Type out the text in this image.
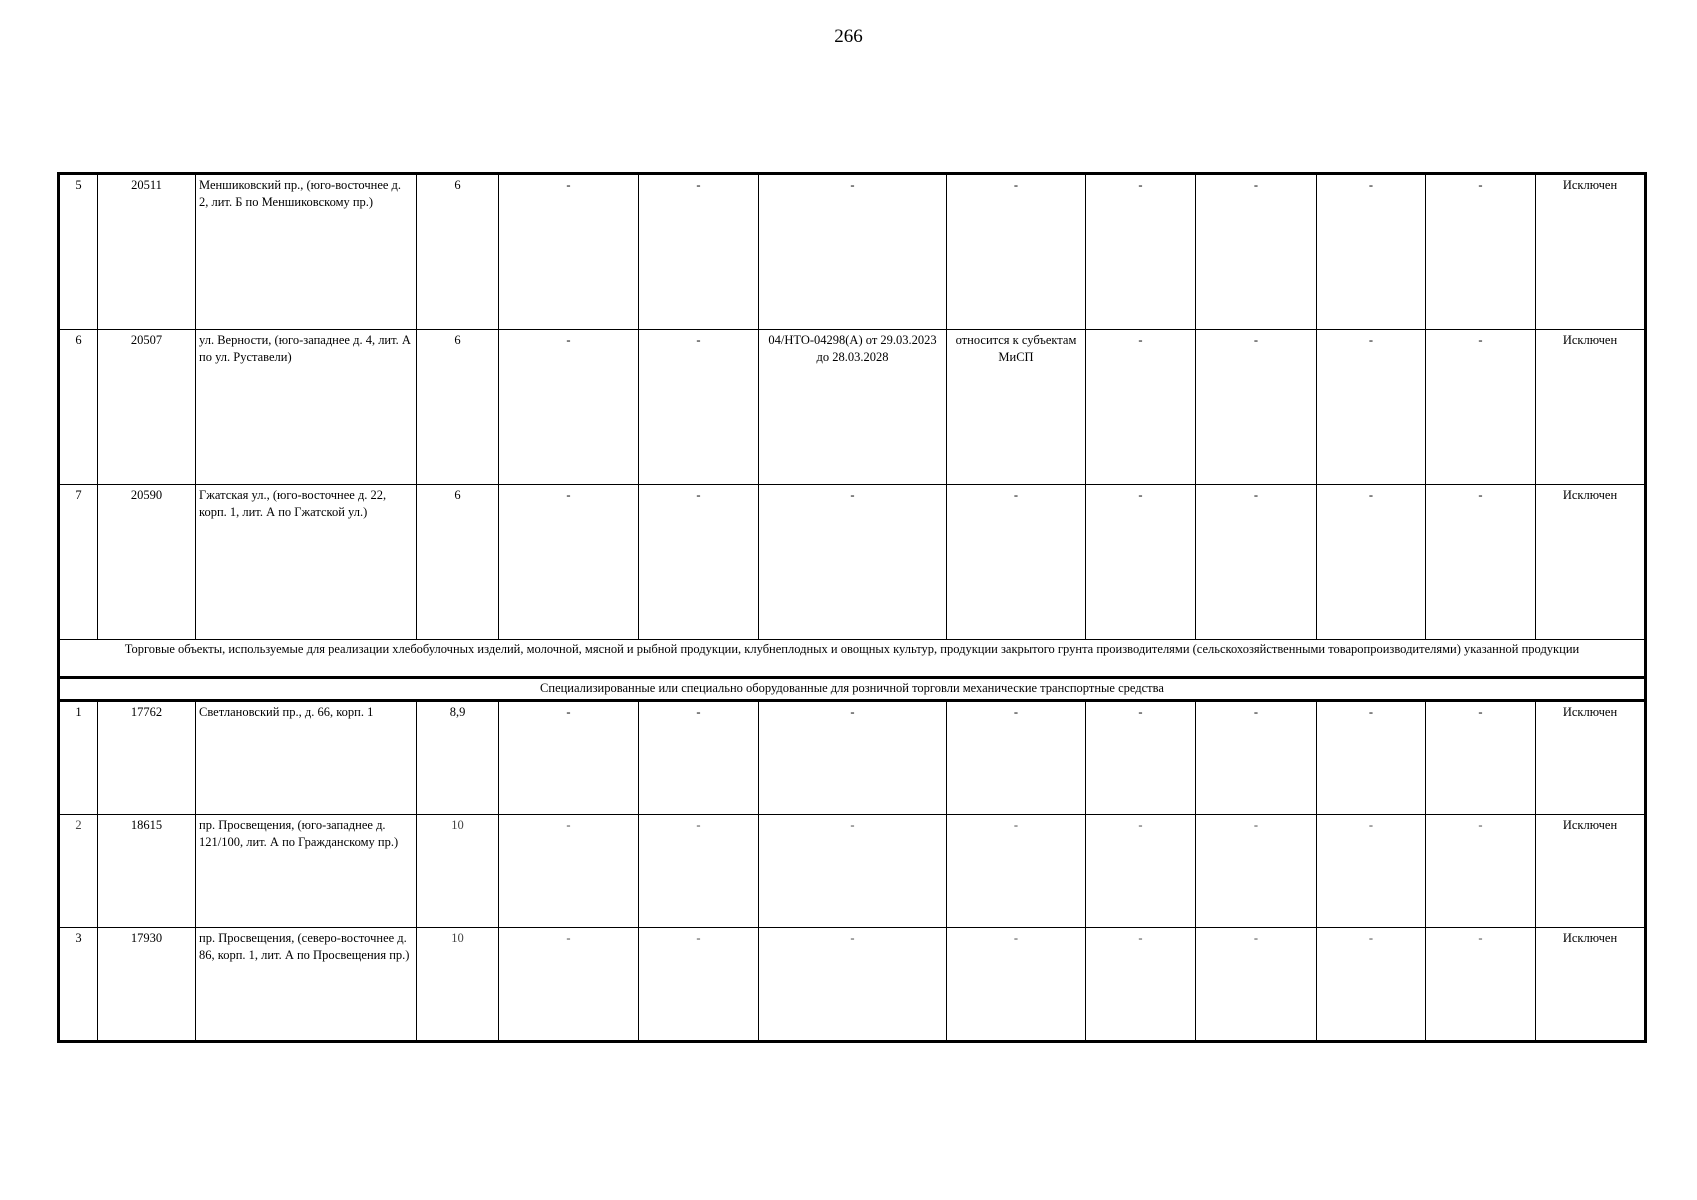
266
5	20511	Меншиковский пр., (юго-восточнее д. 2, лит. Б по Меншиковскому пр.)	6	-	-	-	-	-	-	-	-	Исключен
6	20507	ул. Верности, (юго-западнее д. 4, лит. А по ул. Руставели)	6	-	-	04/НТО-04298(А) от 29.03.2023 до 28.03.2028	относится к субъектам МиСП	-	-	-	-	Исключен
7	20590	Гжатская ул., (юго-восточнее д. 22, корп. 1, лит. А по Гжатской ул.)	6	-	-	-	-	-	-	-	-	Исключен
Торговые объекты, используемые для реализации хлебобулочных изделий, молочной, мясной и рыбной продукции, клубнеплодных и овощных культур, продукции закрытого грунта производителями (сельскохозяйственными товаропроизводителями) указанной продукции												
Специализированные или специально оборудованные для розничной торговли механические транспортные средства												
1	17762	Светлановский пр., д. 66, корп. 1	8,9	-	-	-	-	-	-	-	-	Исключен
2	18615	пр. Просвещения, (юго-западнее д. 121/100, лит. А по Гражданскому пр.)	10	-	-	-	-	-	-	-	-	Исключен
3	17930	пр. Просвещения, (северо-восточнее д. 86, корп. 1, лит. А по Просвещения пр.)	10	-	-	-	-	-	-	-	-	Исключен
